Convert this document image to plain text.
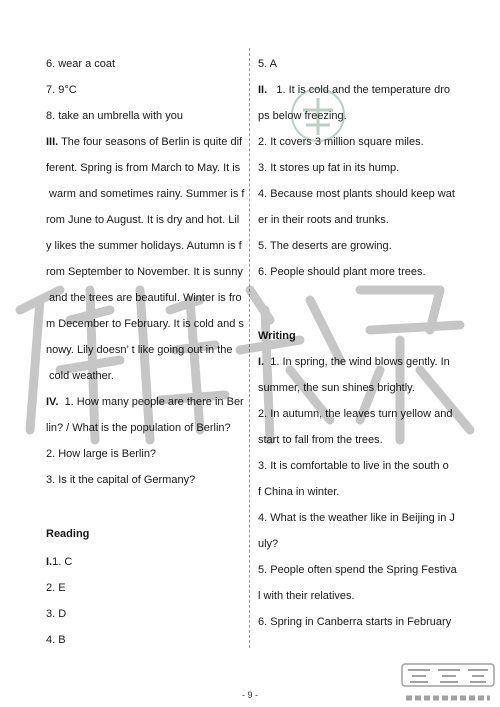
6. wear a coat
7. 9°C
8. take an umbrella with you
III. The four seasons of Berlin is quite dif
ferent. Spring is from March to May. It is
warm and sometimes rainy. Summer is f
rom June to August. It is dry and hot. Lil
y likes the summer holidays. Autumn is f
rom September to November. It is sunny
and the trees are beautiful. Winter is fro
m December to February. It is cold and s
nowy. Lily doesn’ t like going out in the
cold weather.
IV.  1. How many people are there in Ber
lin? / What is the population of Berlin?
2. How large is Berlin?
3. Is it the capital of Germany?
Reading
I.1. C
2. E
3. D
4. B
5. A
II.   1. It is cold and the temperature dro
ps below freezing.
2. It covers 3 million square miles.
3. It stores up fat in its hump.
4. Because most plants should keep wat
er in their roots and trunks.
5. The deserts are growing.
6. People should plant more trees.
Writing
I.  1. In spring, the wind blows gently. In
summer, the sun shines brightly.
2. In autumn, the leaves turn yellow and
start to fall from the trees.
3. It is comfortable to live in the south o
f China in winter.
4. What is the weather like in Beijing in J
uly?
5. People often spend the Spring Festiva
l with their relatives.
6. Spring in Canberra starts in February
- 9 -
